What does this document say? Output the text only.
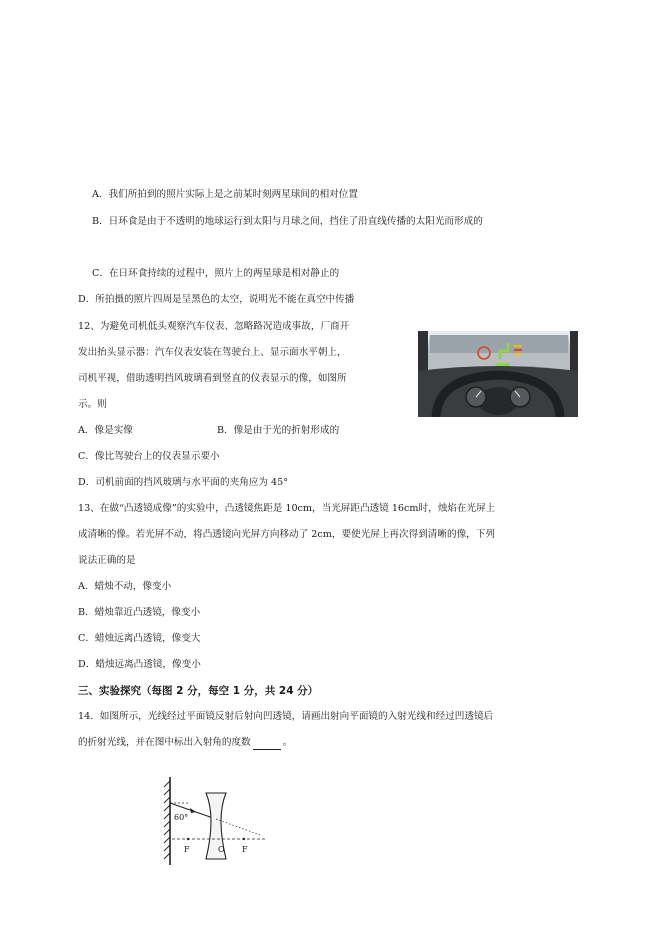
A．我们所拍到的照片实际上是之前某时刻两星球间的相对位置
B．日环食是由于不透明的地球运行到太阳与月球之间，挡住了沿直线传播的太阳光而形成的
C．在日环食持续的过程中，照片上的两星球是相对静止的
D．所拍摄的照片四周是呈黑色的太空，说明光不能在真空中传播
12、为避免司机低头观察汽车仪表、忽略路况造成事故，厂商开
发出抬头显示器：汽车仪表安装在驾驶台上、显示面水平朝上，
司机平视，借助透明挡风玻璃看到竖直的仪表显示的像，如图所
示。则
A．像是实像	B．像是由于光的折射形成的
C．像比驾驶台上的仪表显示要小
D．司机前面的挡风玻璃与水平面的夹角应为 45°
13、在做“凸透镜成像”的实验中，凸透镜焦距是 10cm，当光屏距凸透镜 16cm时，烛焰在光屏上
成清晰的像。若光屏不动，将凸透镜向光屏方向移动了 2cm，要使光屏上再次得到清晰的像，下列
说法正确的是
A．蜡烛不动，像变小
B．蜡烛靠近凸透镜，像变小
C．蜡烛远离凸透镜，像变大
D．蜡烛远离凸透镜，像变小
三、实验探究（每图 2 分，每空 1 分，共 24 分）
14．如图所示，光线经过平面镜反射后射向凹透镜，请画出射向平面镜的入射光线和经过凹透镜后
的折射光线，并在图中标出入射角的度数	。
60°
F	O F
